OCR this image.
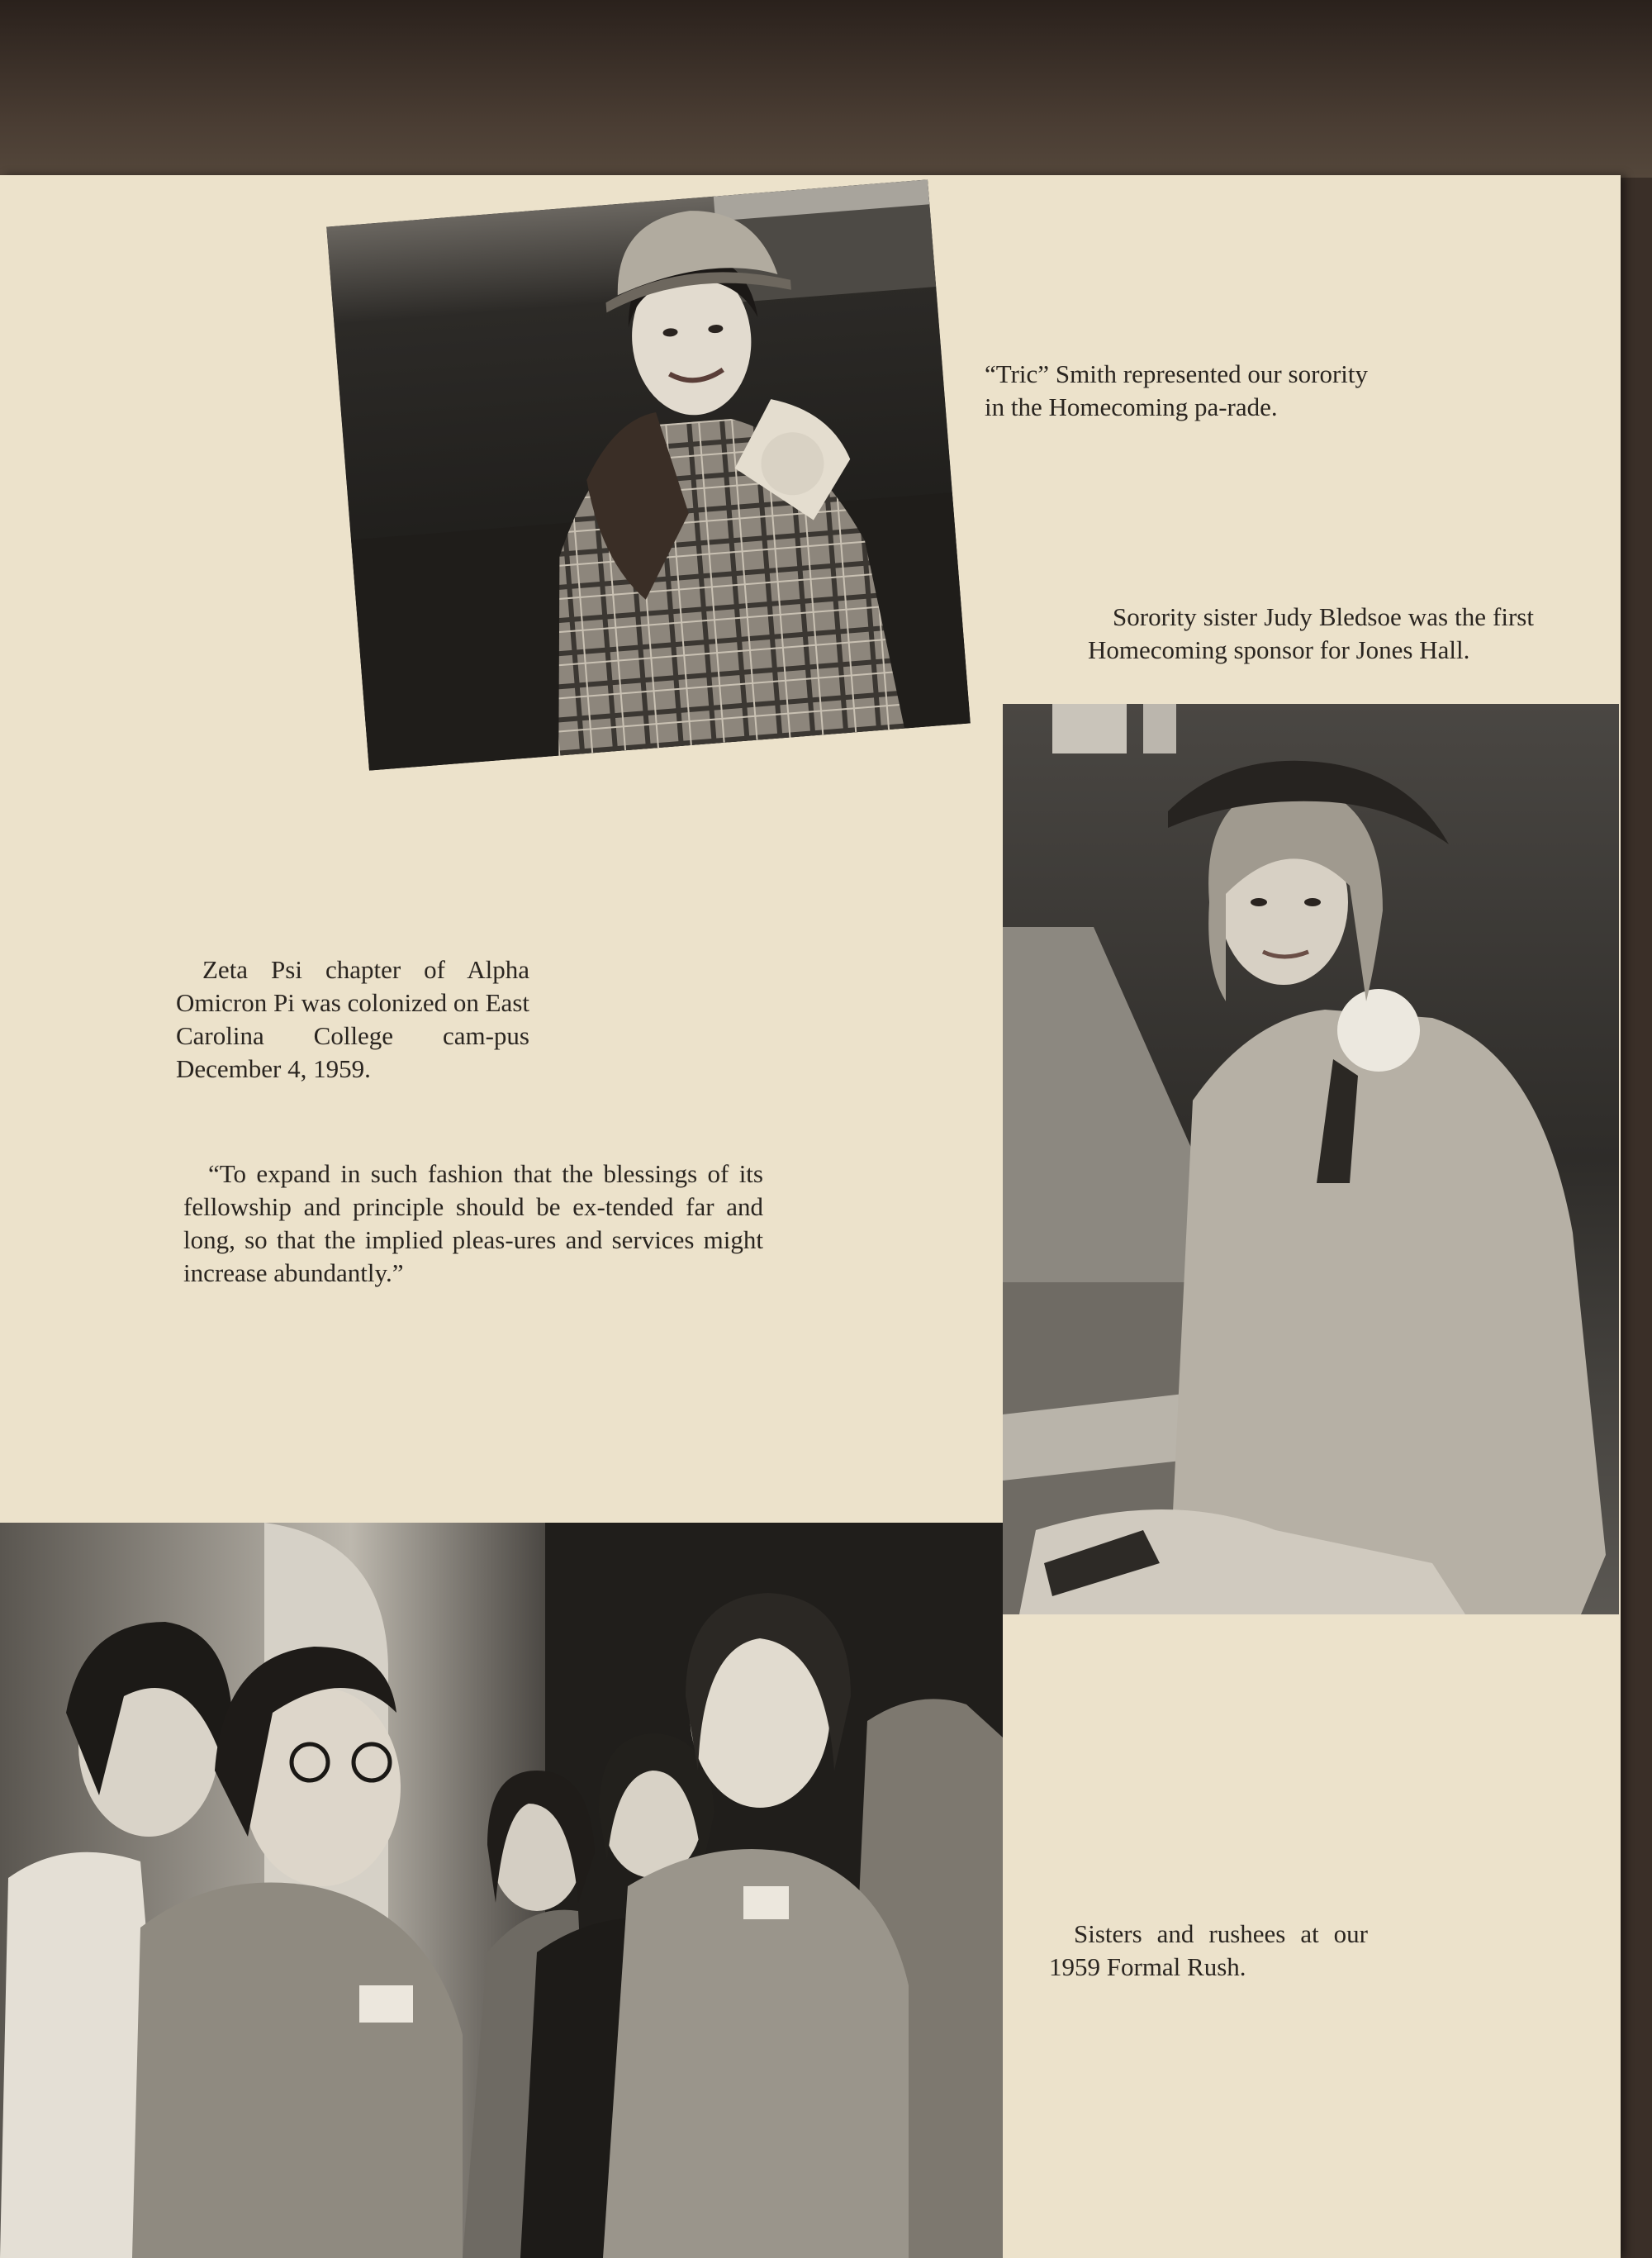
“Tric” Smith represented our sorority in the Homecoming pa-rade.
Sorority sister Judy Bledsoe was the first Homecoming sponsor for Jones Hall.
Zeta Psi chapter of Alpha Omicron Pi was colonized on East Carolina College cam-pus December 4, 1959.
“To expand in such fashion that the blessings of its fellowship and principle should be ex-tended far and long, so that the implied pleas-ures and services might increase abundantly.”
Sisters and rushees at our 1959 Formal Rush.
